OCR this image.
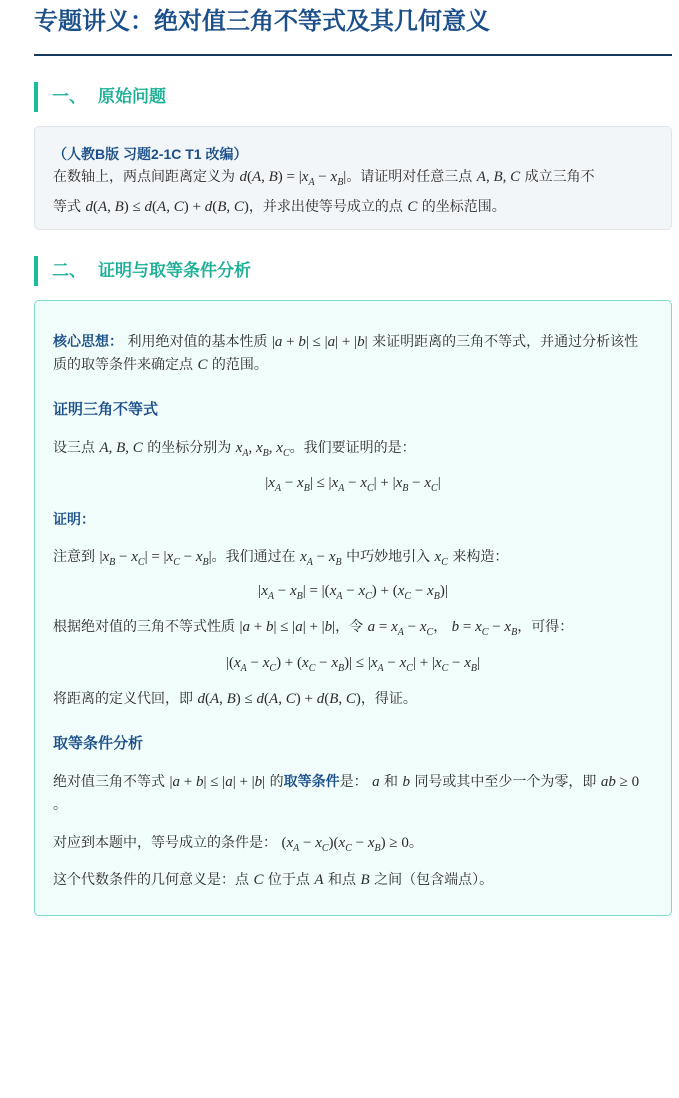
专题讲义：绝对值三角不等式及其几何意义
一、 原始问题
（人教B版 习题2-1C T1 改编）
在数轴上，两点间距离定义为 d(A, $B) = |x_A - x_B|$。请证明对任意三点 A, B, C 成立三角不
等式 d(A, B) ≤ d(A, C) + d(B, C)，并求出使等号成立的点 C 的坐标范围。
二、 证明与取等条件分析
核心思想： 利用绝对值的基本性质 |a + b| ≤ |a| + |b| 来证明距离的三角不等式，并通过分析该性
质的取等条件来确定点 C 的范围。
证明三角不等式
设三点 A, B, C 的坐标分别为 $x_A$, $x_B$, $x_C$。我们要证明的是：
$|x_A - x_B| \le |x_A - x_C| + |x_B - x_C|$
证明：
注意到 $|x_B - x_C| = |x_C - x_B|$。我们通过在 $x_A - x_B$ 中巧妙地引入 $x_C$ 来构造：
$|x_A - x_B| = |(x_A - x_C) + (x_C - x_B)|$
根据绝对值的三角不等式性质 |a + b| ≤ |a| + |b|，令 $a = x_A - x_C$， $b = x_C - x_B$，可得：
$|(x_A - x_C) + (x_C - x_B)| \le |x_A - x_C| + |x_C - x_B|$
将距离的定义代回，即 d(A, B) ≤ d(A, C) + d(B, C)，得证。
取等条件分析
绝对值三角不等式 |a + b| ≤ |a| + |b| 的取等条件是： a 和 b 同号或其中至少一个为零，即 ab ≥ 0
。
对应到本题中，等号成立的条件是： $(x_A - x_C)(x_C - x_B) \ge 0$。
这个代数条件的几何意义是：点 C 位于点 A 和点 B 之间（包含端点）。
